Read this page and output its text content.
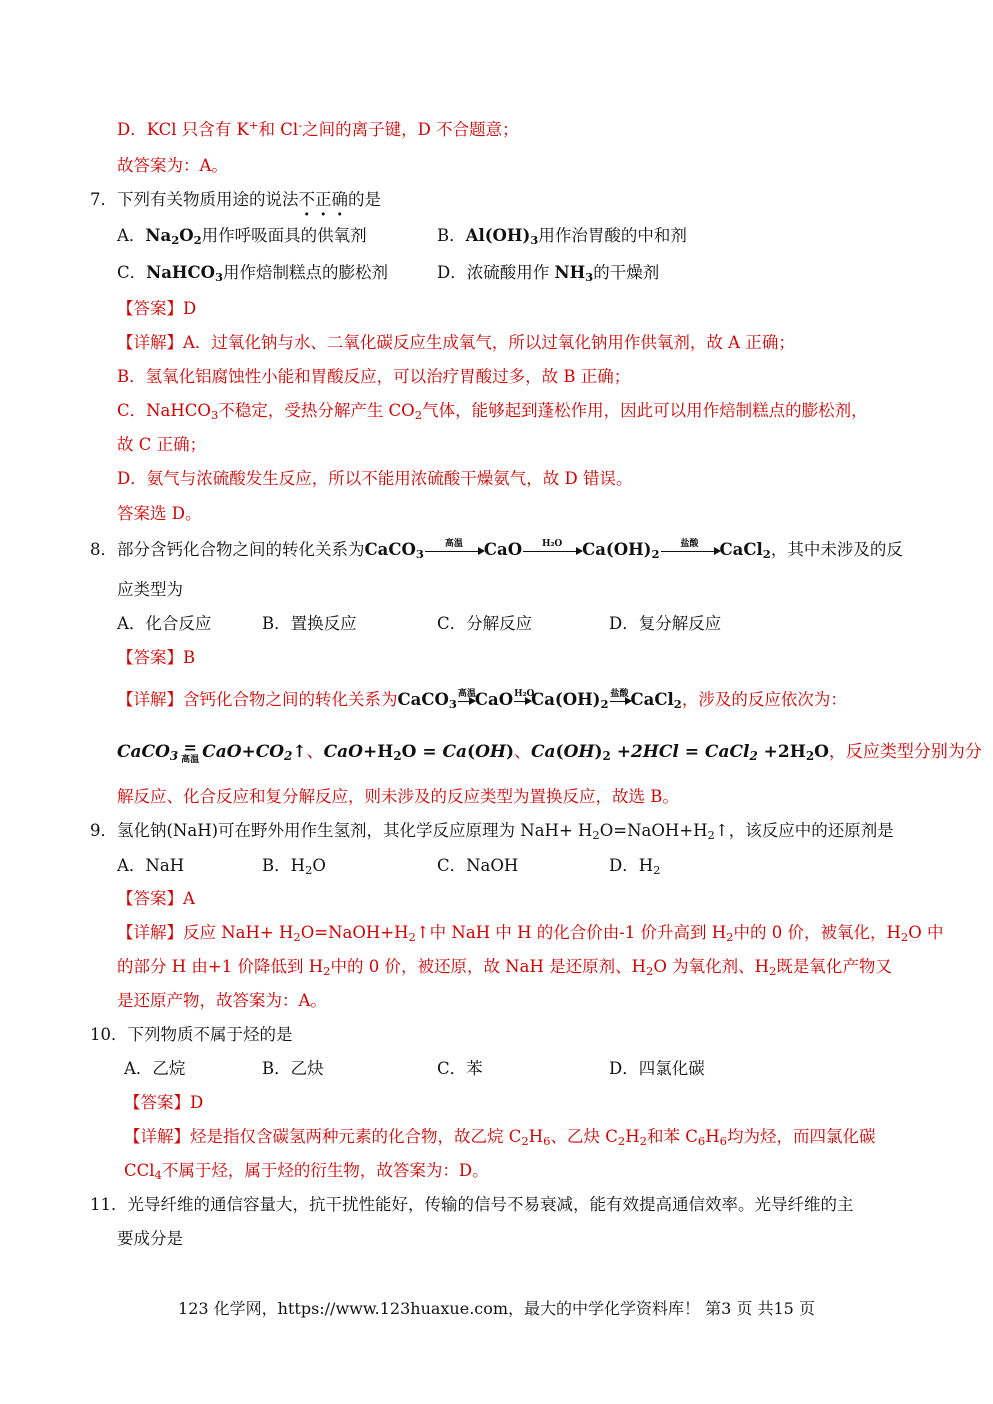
D．KCl 只含有 K+和 Cl-之间的离子键，D 不合题意；
故答案为：A。
7．下列有关物质用途的说法不正确的是
A．$Na_2O_2$用作呼吸面具的供氧剂	B．$Al(OH)_3$用作治胃酸的中和剂
C．NaHCO$_3$用作焙制糕点的膨松剂	D．浓硫酸用作 $NH_3$的干燥剂
【答案】D
【详解】A．过氧化钠与水、二氧化碳反应生成氧气，所以过氧化钠用作供氧剂，故 A 正确；
B．氢氧化铝腐蚀性小能和胃酸反应，可以治疗胃酸过多，故 B 正确；
C．NaHCO$_3$不稳定，受热分解产生 $CO_2$气体，能够起到蓬松作用，因此可以用作焙制糕点的膨松剂，
故 C 正确；
D．氨气与浓硫酸发生反应，所以不能用浓硫酸干燥氨气，故 D 错误。
答案选 D。
8．部分含钙化合物之间的转化关系为CaCO$_3$
高温	CaO	H₂O	$Ca(OH)_2$
盐酸	CaCl$_2$，其中未涉及的反
应类型为
A．化合反应	B．置换反应	C．分解反应	D．复分解反应
【答案】B
【详解】含钙化合物之间的转化关系为CaCO$_3$
高温
CaO H₂O
$Ca(OH)_2$
盐酸 CaCl$_2$，涉及的反应依次为：
CaCO$_3$ =
高温 $CaO+CO_2↑$、$CaO+H_2O = Ca(OH)$、$Ca(OH)_2 +2HCl$ = CaCl$_2$ $+2H_2O$，反应类型分别为分
解反应、化合反应和复分解反应，则未涉及的反应类型为置换反应，故选 B。
9．氢化钠(NaH)可在野外用作生氢剂，其化学反应原理为 $NaH+ H_2O=NaOH+H_2↑$，该反应中的还原剂是
A．NaH	B．$H_2O$	C．NaOH	D．$H_2$
【答案】A
【详解】反应 $NaH+ H_2O=NaOH+H_2↑$中 NaH 中 H 的化合价由-1 价升高到 $H_2$中的 0 价，被氧化，$H_2O$ 中
的部分 H 由+1 价降低到 $H_2$中的 0 价，被还原，故 NaH 是还原剂、$H_2O$ 为氧化剂、$H_2$既是氧化产物又
是还原产物，故答案为：A。
10．下列物质不属于烃的是
A．乙烷	B．乙炔	C．苯	D．四氯化碳
【答案】D
【详解】烃是指仅含碳氢两种元素的化合物，故乙烷 $C_2H_6$、乙炔 $C_2H_2$和苯 $C_6H_6$均为烃，而四氯化碳
CCl$_4$不属于烃，属于烃的衍生物，故答案为：D。
11．光导纤维的通信容量大，抗干扰性能好，传输的信号不易衰减，能有效提高通信效率。光导纤维的主
要成分是
123 化学网，https://www.123huaxue.com，最大的中学化学资料库！ 第3 页 共15 页
